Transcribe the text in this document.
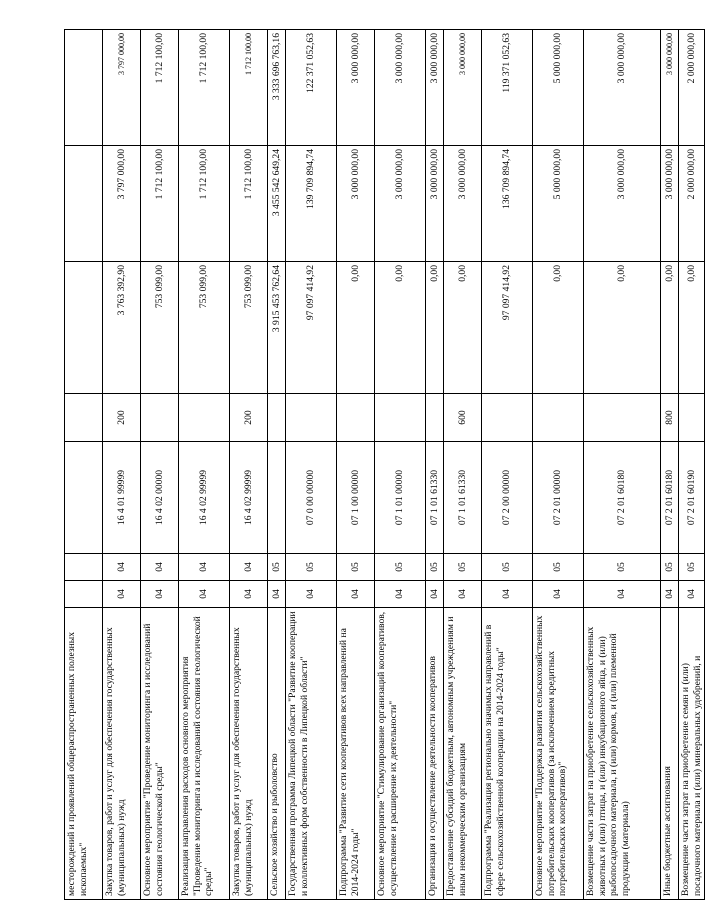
месторождений и проявлений общераспространенных полезных ископаемых"							
Закупка товаров, работ и услуг для обеспечения государственных (муниципальных) нужд	04	04	16 4 01 99999	200	3 763 392,90	3 797 000,00	3 797 000,00
Основное мероприятие "Проведение мониторинга и исследований состояния геологической среды"	04	04	16 4 02 00000		753 099,00	1 712 100,00	1 712 100,00
Реализация направления расходов основного мероприятия "Проведение мониторинга и исследований состояния геологической среды"	04	04	16 4 02 99999		753 099,00	1 712 100,00	1 712 100,00
Закупка товаров, работ и услуг для обеспечения государственных (муниципальных) нужд	04	04	16 4 02 99999	200	753 099,00	1 712 100,00	1 712 100,00
Сельское хозяйство и рыболовство	04	05			3 915 453 762,64	3 455 542 649,24	3 333 696 763,16
Государственная программа Липецкой области "Развитие кооперации и коллективных форм собственности в Липецкой области"	04	05	07 0 00 00000		97 097 414,92	139 709 894,74	122 371 052,63
Подпрограмма "Развитие сети кооперативов всех направлений на 2014-2024 годы"	04	05	07 1 00 00000		0,00	3 000 000,00	3 000 000,00
Основное мероприятие "Стимулирование организаций кооперативов, осуществление и расширение их деятельности"	04	05	07 1 01 00000		0,00	3 000 000,00	3 000 000,00
Организация и осуществление деятельности кооперативов	04	05	07 1 01 61330		0,00	3 000 000,00	3 000 000,00
Предоставление субсидий бюджетным, автономным учреждениям и иным некоммерческим организациям	04	05	07 1 01 61330	600	0,00	3 000 000,00	3 000 000,00
Подпрограмма "Реализация регионально значимых направлений в сфере сельскохозяйственной кооперации на 2014-2024 годы"	04	05	07 2 00 00000		97 097 414,92	136 709 894,74	119 371 052,63
Основное мероприятие "Поддержка развития сельскохозяйственных потребительских кооперативов (за исключением кредитных потребительских кооперативов)"	04	05	07 2 01 00000		0,00	5 000 000,00	5 000 000,00
Возмещение части затрат на приобретение сельскохозяйственных животных и (или) птицы, и (или) инкубационного яйца, и (или) рыбопосадочного материала, и (или) кормов, и (или) племенной продукции (материала)	04	05	07 2 01 60180		0,00	3 000 000,00	3 000 000,00
Иные бюджетные ассигнования	04	05	07 2 01 60180	800	0,00	3 000 000,00	3 000 000,00
Возмещение части затрат на приобретение семян и (или) посадочного материала и (или) минеральных удобрений, и	04	05	07 2 01 60190		0,00	2 000 000,00	2 000 000,00
